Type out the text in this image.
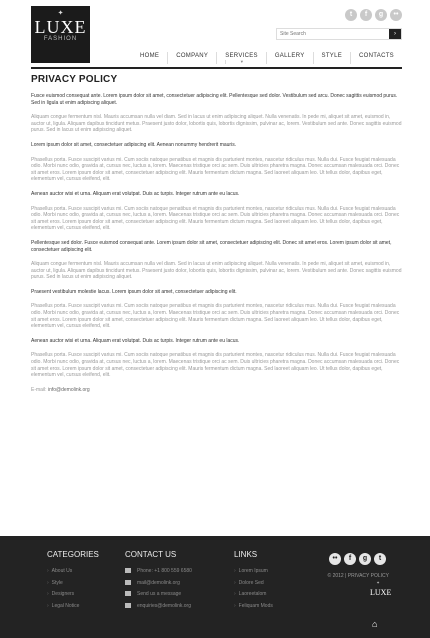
✦
LUXE
FASHION
t	f	g	••
Site Search
›
HOME	COMPANY	SERVICES
▼
GALLERY	STYLE	CONTACTS
PRIVACY POLICY

Fusce euismod consequat ante. Lorem ipsum dolor sit amet, consectetuer adipiscing elit. Pellentesque sed dolor. Vestibulum sed arcu. Donec sagittis euismod purus. Sed in ligula ut enim adipiscing aliquet.

Aliquam congue fermentum nisl. Mauris accumsan nulla vel diam. Sed in lacus ut enim adipiscing aliquet. Nulla venenatis. In pede mi, aliquet sit amet, euismod in, auctor ut, ligula. Aliquam dapibus tincidunt metus. Praesent justo dolor, lobortis quis, lobortis dignissim, pulvinar ac, lorem. Vestibulum sed ante. Donec sagittis euismod purus. Sed in lacus ut enim adipiscing aliquet.

Lorem ipsum dolor sit amet, consectetuer adipiscing elit. Aenean nonummy hendrerit mauris.

Phasellus porta. Fusce suscipit varius mi. Cum sociis natoque penatibus et magnis dis parturient montes, nascetur ridiculus mus. Nulla dui. Fusce feugiat malesuada odio. Morbi nunc odio, gravida at, cursus nec, luctus a, lorem. Maecenas tristique orci ac sem. Duis ultricies pharetra magna. Donec accumsan malesuada orci. Donec sit amet eros. Lorem ipsum dolor sit amet, consectetuer adipiscing elit. Mauris fermentum dictum magna. Sed laoreet aliquam leo. Ut tellus dolor, dapibus eget, elementum vel, cursus eleifend, elit.

Aenean auctor wisi et urna. Aliquam erat volutpat. Duis ac turpis. Integer rutrum ante eu lacus.

Phasellus porta. Fusce suscipit varius mi. Cum sociis natoque penatibus et magnis dis parturient montes, nascetur ridiculus mus. Nulla dui. Fusce feugiat malesuada odio. Morbi nunc odio, gravida at, cursus nec, luctus a, lorem. Maecenas tristique orci ac sem. Duis ultricies pharetra magna. Donec accumsan malesuada orci. Donec sit amet eros. Lorem ipsum dolor sit amet, consectetuer adipiscing elit. Mauris fermentum dictum magna. Sed laoreet aliquam leo. Ut tellus dolor, dapibus eget, elementum vel, cursus eleifend, elit.

Pellentesque sed dolor. Fusce euismod consequat ante. Lorem ipsum dolor sit amet, consectetuer adipiscing elit. Donec sit amet eros. Lorem ipsum dolor sit amet, consectetuer adipiscing elit.

Aliquam congue fermentum nisl. Mauris accumsan nulla vel diam. Sed in lacus ut enim adipiscing aliquet. Nulla venenatis. In pede mi, aliquet sit amet, euismod in, auctor ut, ligula. Aliquam dapibus tincidunt metus. Praesent justo dolor, lobortis quis, lobortis dignissim, pulvinar ac, lorem. Vestibulum sed ante. Donec sagittis euismod purus. Sed in lacus ut enim adipiscing aliquet.

Praesent vestibulum molestie lacus. Lorem ipsum dolor sit amet, consectetuer adipiscing elit.

Phasellus porta. Fusce suscipit varius mi. Cum sociis natoque penatibus et magnis dis parturient montes, nascetur ridiculus mus. Nulla dui. Fusce feugiat malesuada odio. Morbi nunc odio, gravida at, cursus nec, luctus a, lorem. Maecenas tristique orci ac sem. Duis ultricies pharetra magna. Donec accumsan malesuada orci. Donec sit amet eros. Lorem ipsum dolor sit amet, consectetuer adipiscing elit. Mauris fermentum dictum magna. Sed laoreet aliquam leo. Ut tellus dolor, dapibus eget, elementum vel, cursus eleifend, elit.

Aenean auctor wisi et urna. Aliquam erat volutpat. Duis ac turpis. Integer rutrum ante eu lacus.

Phasellus porta. Fusce suscipit varius mi. Cum sociis natoque penatibus et magnis dis parturient montes, nascetur ridiculus mus. Nulla dui. Fusce feugiat malesuada odio. Morbi nunc odio, gravida at, cursus nec, luctus a, lorem. Maecenas tristique orci ac sem. Duis ultricies pharetra magna. Donec accumsan malesuada orci. Donec sit amet eros. Lorem ipsum dolor sit amet, consectetuer adipiscing elit. Mauris fermentum dictum magna. Sed laoreet aliquam leo. Ut tellus dolor, dapibus eget, elementum vel, cursus eleifend, elit.

E-mail: info@demolink.org

CATEGORIES
› About Us
› Style
› Designers
› Legal Notice
CONTACT US
Phone: +1 800 559 6580
mail@demolink.org
Send us a message
enquiries@demolink.org
LINKS
› Lorem Ipsum
› Dolore Sed
› Laoreetalom
› Feliquam Mods
••	f	g	t
© 2012 | PRIVACY POLICY
✦
LUXE
⌂
